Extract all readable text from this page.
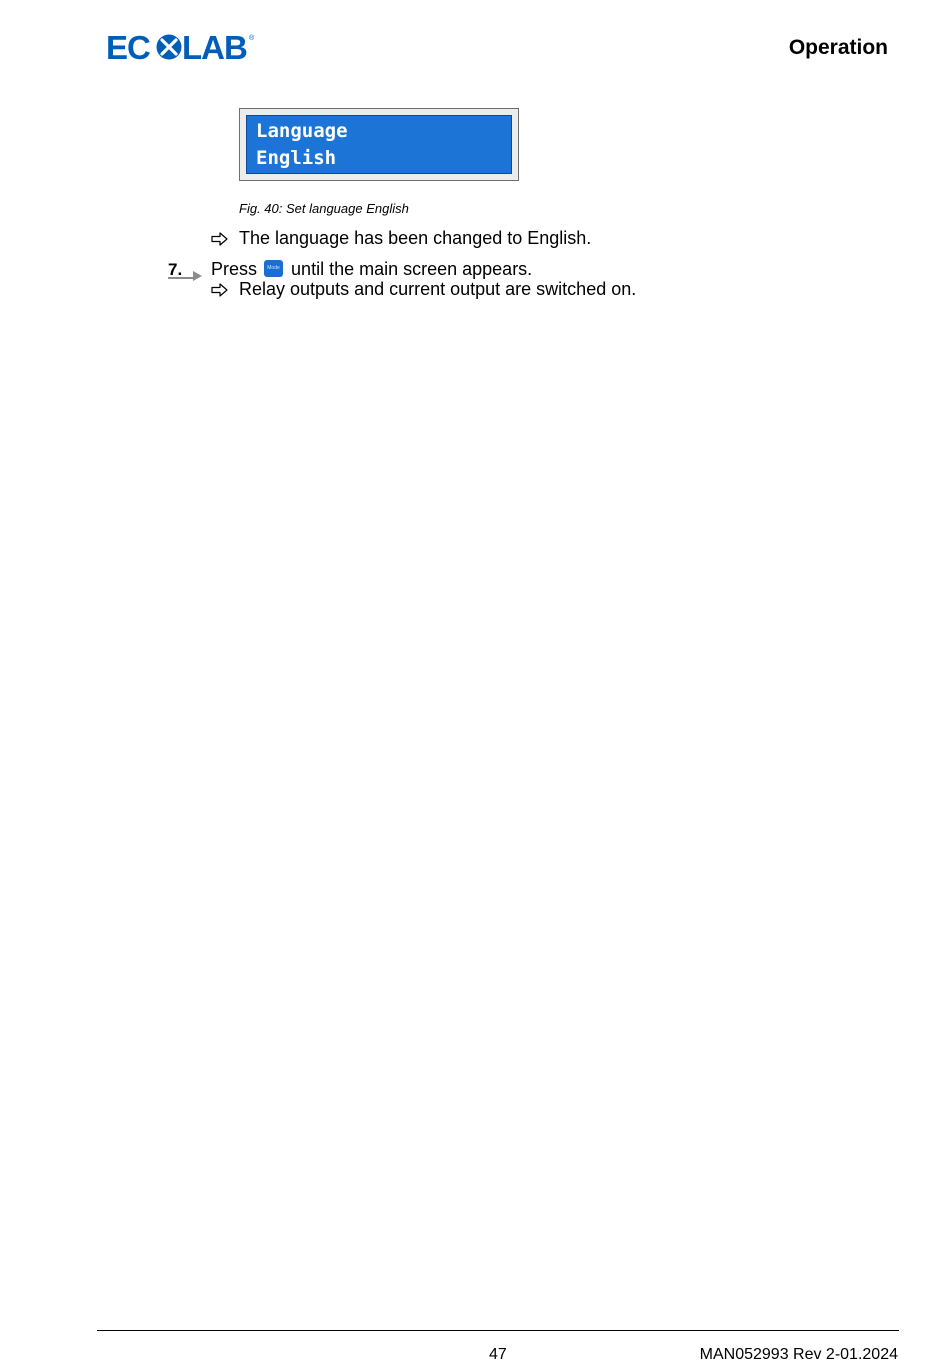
EC LAB ®	Operation
Language
English
Fig. 40: Set language English
The language has been changed to English.
7. Press Mode until the main screen appears.
Relay outputs and current output are switched on.
47	MAN052993 Rev 2-01.2024
